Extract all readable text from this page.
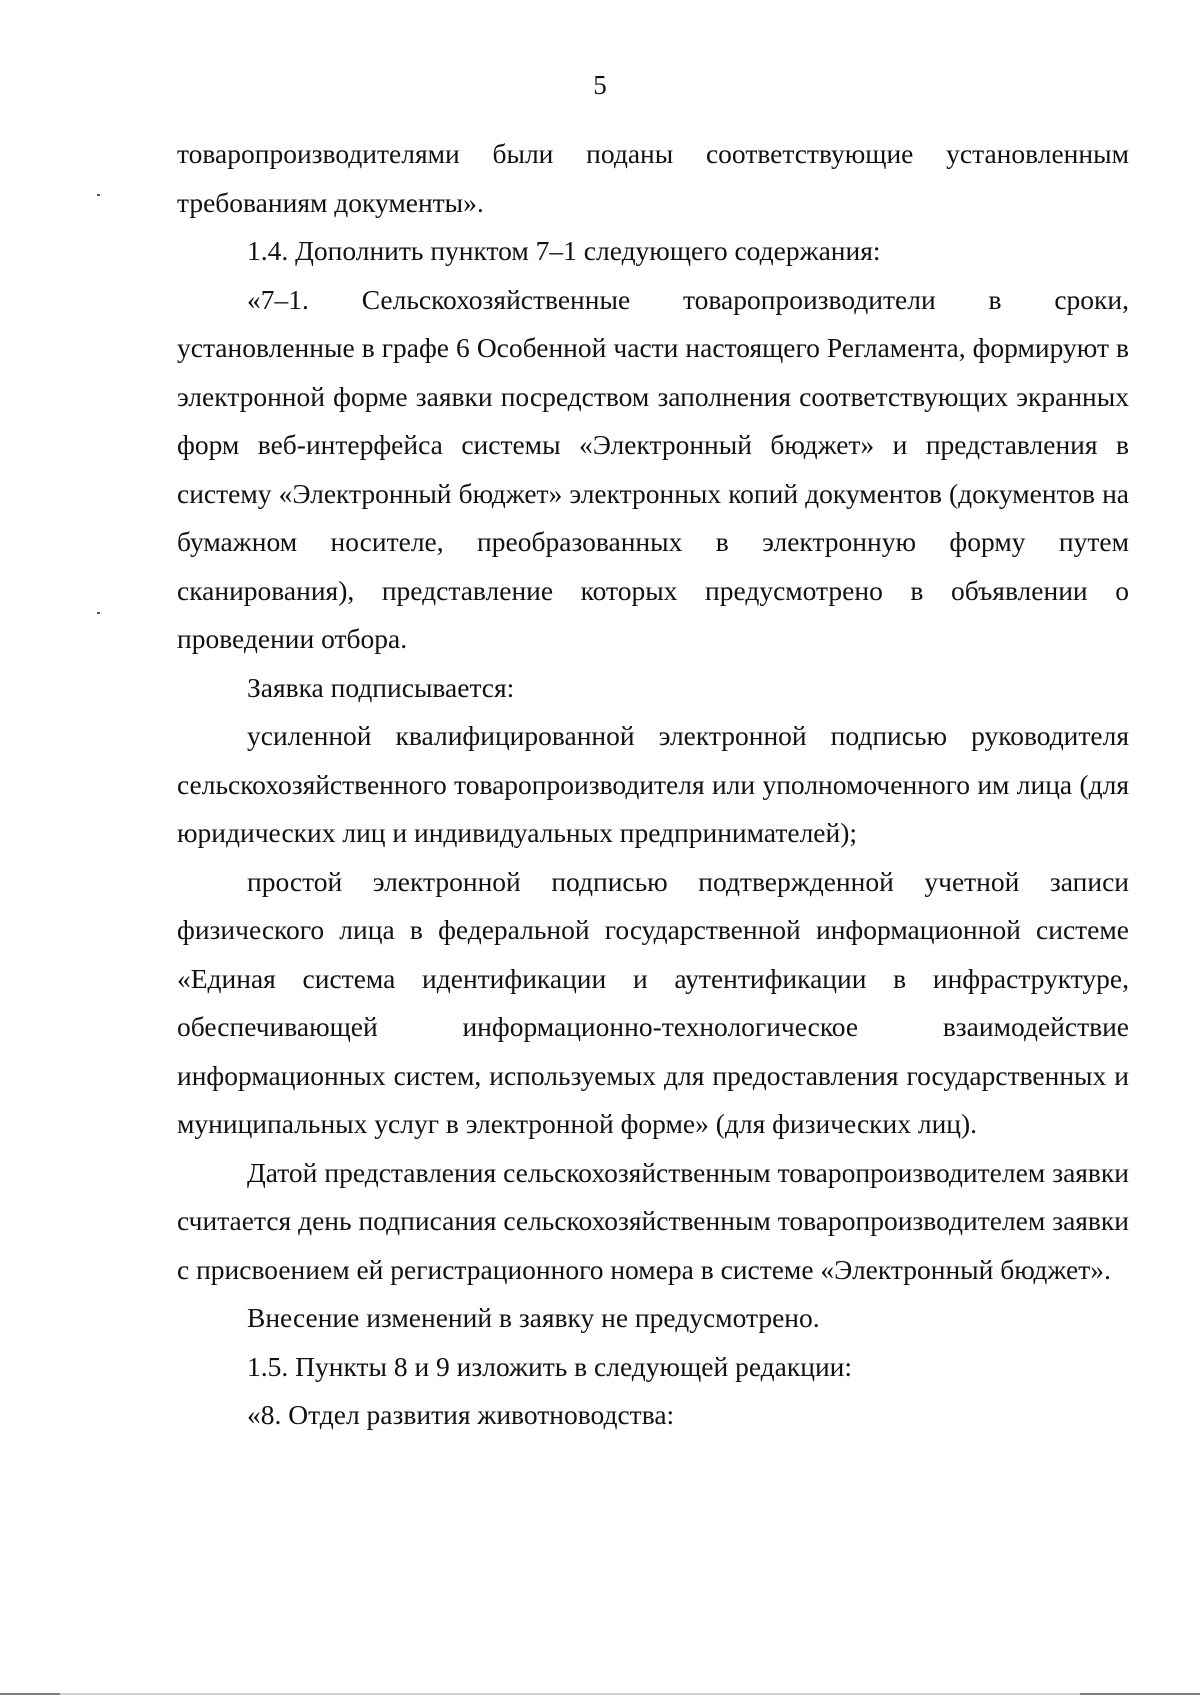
5

товаропроизводителями были поданы соответствующие установленным требованиям документы».

1.4. Дополнить пунктом 7–1 следующего содержания:

«7–1. Сельскохозяйственные товаропроизводители в сроки, установленные в графе 6 Особенной части настоящего Регламента, формируют в электронной форме заявки посредством заполнения соответствующих экранных форм веб-интерфейса системы «Электронный бюджет» и представления в систему «Электронный бюджет» электронных копий документов (документов на бумажном носителе, преобразованных в электронную форму путем сканирования), представление которых предусмотрено в объявлении о проведении отбора.

Заявка подписывается:

усиленной квалифицированной электронной подписью руководителя сельскохозяйственного товаропроизводителя или уполномоченного им лица (для юридических лиц и индивидуальных предпринимателей);

простой электронной подписью подтвержденной учетной записи физического лица в федеральной государственной информационной системе «Единая система идентификации и аутентификации в инфраструктуре, обеспечивающей информационно-технологическое взаимодействие информационных систем, используемых для предоставления государственных и муниципальных услуг в электронной форме» (для физических лиц).

Датой представления сельскохозяйственным товаропроизводителем заявки считается день подписания сельскохозяйственным товаропроизводителем заявки с присвоением ей регистрационного номера в системе «Электронный бюджет».

Внесение изменений в заявку не предусмотрено.

1.5. Пункты 8 и 9 изложить в следующей редакции:

«8. Отдел развития животноводства:
